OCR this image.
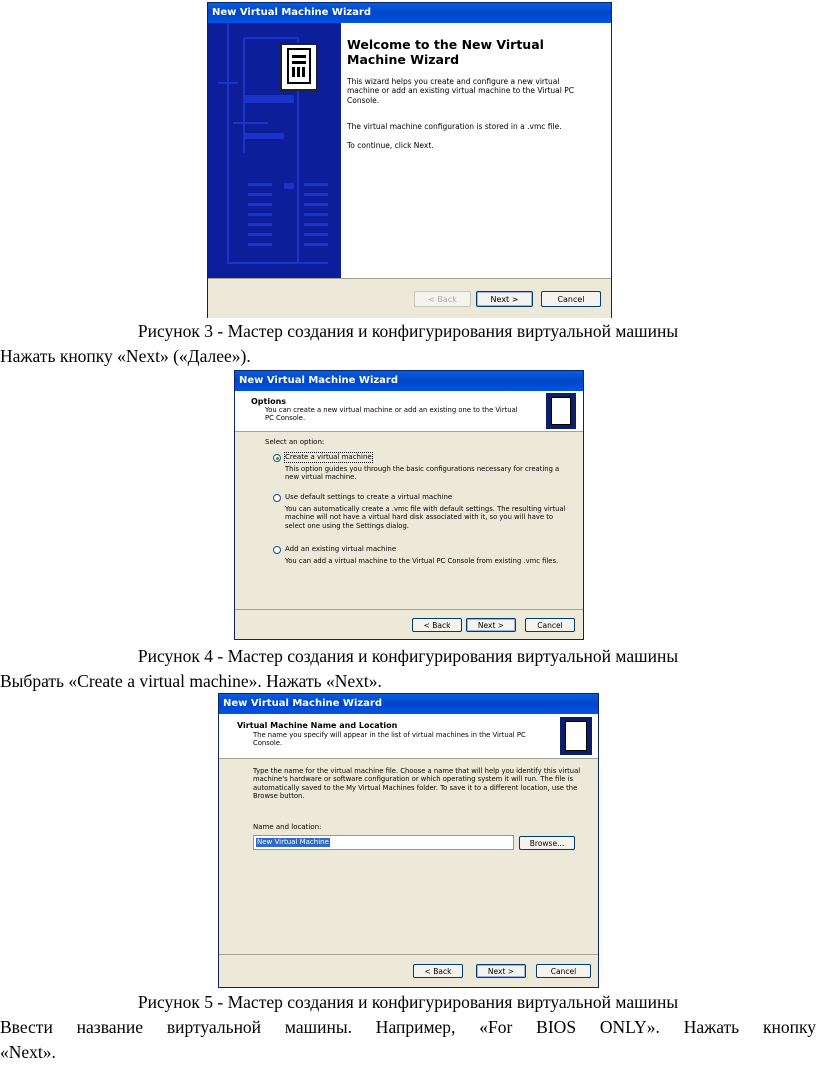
New Virtual Machine Wizard
Welcome to the New Virtual Machine Wizard
This wizard helps you create and configure a new virtual machine or add an existing virtual machine to the Virtual PC Console.
The virtual machine configuration is stored in a .vmc file.
To continue, click Next.
< Back	Next >	Cancel
Рисунок 3 - Мастер создания и конфигурирования виртуальной машины
Нажать кнопку «Next» («Далее»).
New Virtual Machine Wizard
Options
You can create a new virtual machine or add an existing one to the Virtual PC Console.
Select an option:
Create a virtual machine
This option guides you through the basic configurations necessary for creating a new virtual machine.
Use default settings to create a virtual machine
You can automatically create a .vmc file with default settings. The resulting virtual machine will not have a virtual hard disk associated with it, so you will have to select one using the Settings dialog.
Add an existing virtual machine
You can add a virtual machine to the Virtual PC Console from existing .vmc files.
< Back	Next >	Cancel
Рисунок 4 - Мастер создания и конфигурирования виртуальной машины
Выбрать «Create a virtual machine». Нажать «Next».
New Virtual Machine Wizard
Virtual Machine Name and Location
The name you specify will appear in the list of virtual machines in the Virtual PC Console.
Type the name for the virtual machine file. Choose a name that will help you identify this virtual machine's hardware or software configuration or which operating system it will run. The file is automatically saved to the My Virtual Machines folder. To save it to a different location, use the Browse button.
Name and location:
New Virtual Machine	Browse...
< Back	Next >	Cancel
Рисунок 5 - Мастер создания и конфигурирования виртуальной машины
Ввести название виртуальной машины. Например, «For BIOS ONLY». Нажать кнопку
«Next».
